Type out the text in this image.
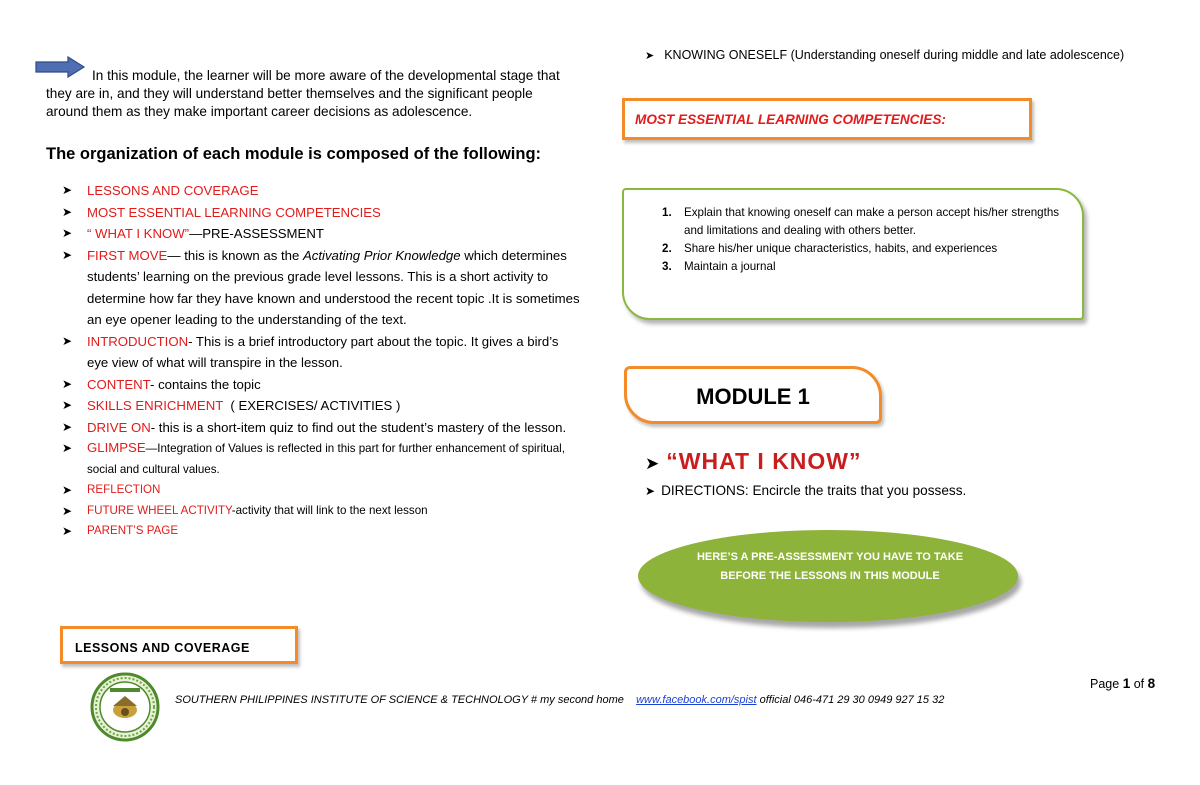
In this module, the learner will be more aware of the developmental stage that they are in, and they will understand better themselves and the significant people around them as they make important career decisions as adolescence.
The organization of each module is composed of the following:
➤ LESSONS AND COVERAGE
➤ MOST ESSENTIAL LEARNING COMPETENCIES
➤ “ WHAT I KNOW”—PRE-ASSESSMENT
➤ FIRST MOVE— this is known as the Activating Prior Knowledge which determines students’ learning on the previous grade level lessons. This is a short activity to determine how far they have known and understood the recent topic .It is sometimes an eye opener leading to the understanding of the text.
➤ INTRODUCTION- This is a brief introductory part about the topic. It gives a bird’s eye view of what will transpire in the lesson.
➤ CONTENT- contains the topic
➤ SKILLS ENRICHMENT  ( EXERCISES/ ACTIVITIES )
➤ DRIVE ON- this is a short-item quiz to find out the student’s mastery of the lesson.
➤ GLIMPSE—Integration of Values is reflected in this part for further enhancement of spiritual, social and cultural values.
➤ REFLECTION
➤ FUTURE WHEEL ACTIVITY-activity that will link to the next lesson
➤ PARENT’S PAGE
LESSONS AND COVERAGE
SOUTHERN PHILIPPINES INSTITUTE OF SCIENCE & TECHNOLOGY # my second home www.facebook.com/spist official 046-471 29 30 0949 927 15 32
Page 1 of 8
➤ KNOWING ONESELF (Understanding oneself during middle and late adolescence)
MOST ESSENTIAL LEARNING COMPETENCIES:
1. Explain that knowing oneself can make a person accept his/her strengths and limitations and dealing with others better.
2. Share his/her unique characteristics, habits, and experiences
3. Maintain a journal
MODULE 1
➤ “WHAT I KNOW”
➤ DIRECTIONS: Encircle the traits that you possess.
HERE’S A PRE-ASSESSMENT YOU HAVE TO TAKE BEFORE THE LESSONS IN THIS MODULE
